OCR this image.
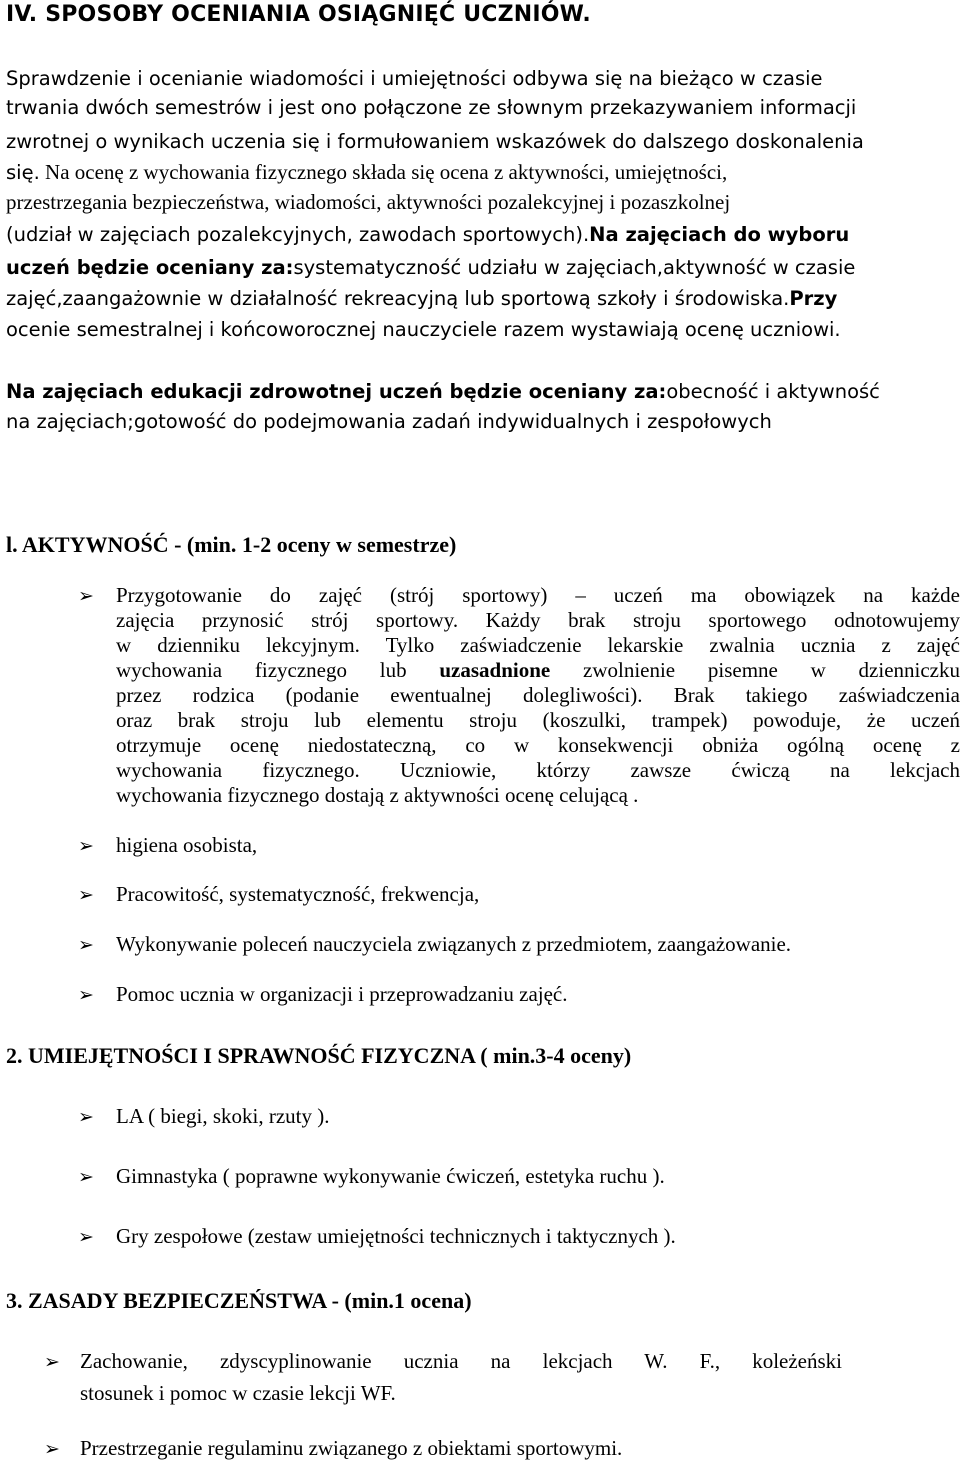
IV. SPOSOBY OCENIANIA OSIĄGNIĘĆ UCZNIÓW.
Sprawdzenie i ocenianie wiadomości i umiejętności odbywa się na bieżąco w czasie
trwania dwóch semestrów i jest ono połączone ze słownym przekazywaniem informacji
zwrotnej o wynikach uczenia się i formułowaniem wskazówek do dalszego doskonalenia
się. Na ocenę z wychowania fizycznego składa się ocena z aktywności, umiejętności,
przestrzegania bezpieczeństwa, wiadomości, aktywności pozalekcyjnej i pozaszkolnej
(udział w zajęciach pozalekcyjnych, zawodach sportowych).Na zajęciach do wyboru
uczeń będzie oceniany za:systematyczność udziału w zajęciach,aktywność w czasie
zajęć,zaangażownie w działalność rekreacyjną lub sportową szkoły i środowiska.Przy
ocenie semestralnej i końcoworocznej nauczyciele razem wystawiają ocenę uczniowi.
Na zajęciach edukacji zdrowotnej uczeń będzie oceniany za:obecność i aktywność
na zajęciach;gotowość do podejmowania zadań indywidualnych i zespołowych
l. AKTYWNOŚĆ - (min. 1-2 oceny w semestrze)
➢ Przygotowanie do zajęć (strój sportowy) – uczeń ma obowiązek na każde
zajęcia przynosić strój sportowy. Każdy brak stroju sportowego odnotowujemy
w dzienniku lekcyjnym. Tylko zaświadczenie lekarskie zwalnia ucznia z zajęć
wychowania fizycznego lub uzasadnione zwolnienie pisemne w dzienniczku
przez rodzica (podanie ewentualnej dolegliwości). Brak takiego zaświadczenia
oraz brak stroju lub elementu stroju (koszulki, trampek) powoduje, że uczeń
otrzymuje ocenę niedostateczną, co w konsekwencji obniża ogólną ocenę z
wychowania fizycznego. Uczniowie, którzy zawsze ćwiczą na lekcjach
wychowania fizycznego dostają z aktywności ocenę celującą .
➢ higiena osobista,
➢ Pracowitość, systematyczność, frekwencja,
➢ Wykonywanie poleceń nauczyciela związanych z przedmiotem, zaangażowanie.
➢ Pomoc ucznia w organizacji i przeprowadzaniu zajęć.
2. UMIEJĘTNOŚCI I SPRAWNOŚĆ FIZYCZNA ( min.3-4 oceny)
➢ LA ( biegi, skoki, rzuty ).
➢ Gimnastyka ( poprawne wykonywanie ćwiczeń, estetyka ruchu ).
➢ Gry zespołowe (zestaw umiejętności technicznych i taktycznych ).
3. ZASADY BEZPIECZEŃSTWA - (min.1 ocena)
➢ Zachowanie, zdyscyplinowanie ucznia na lekcjach W. F., koleżeński
stosunek i pomoc w czasie lekcji WF.
➢ Przestrzeganie regulaminu związanego z obiektami sportowymi.
